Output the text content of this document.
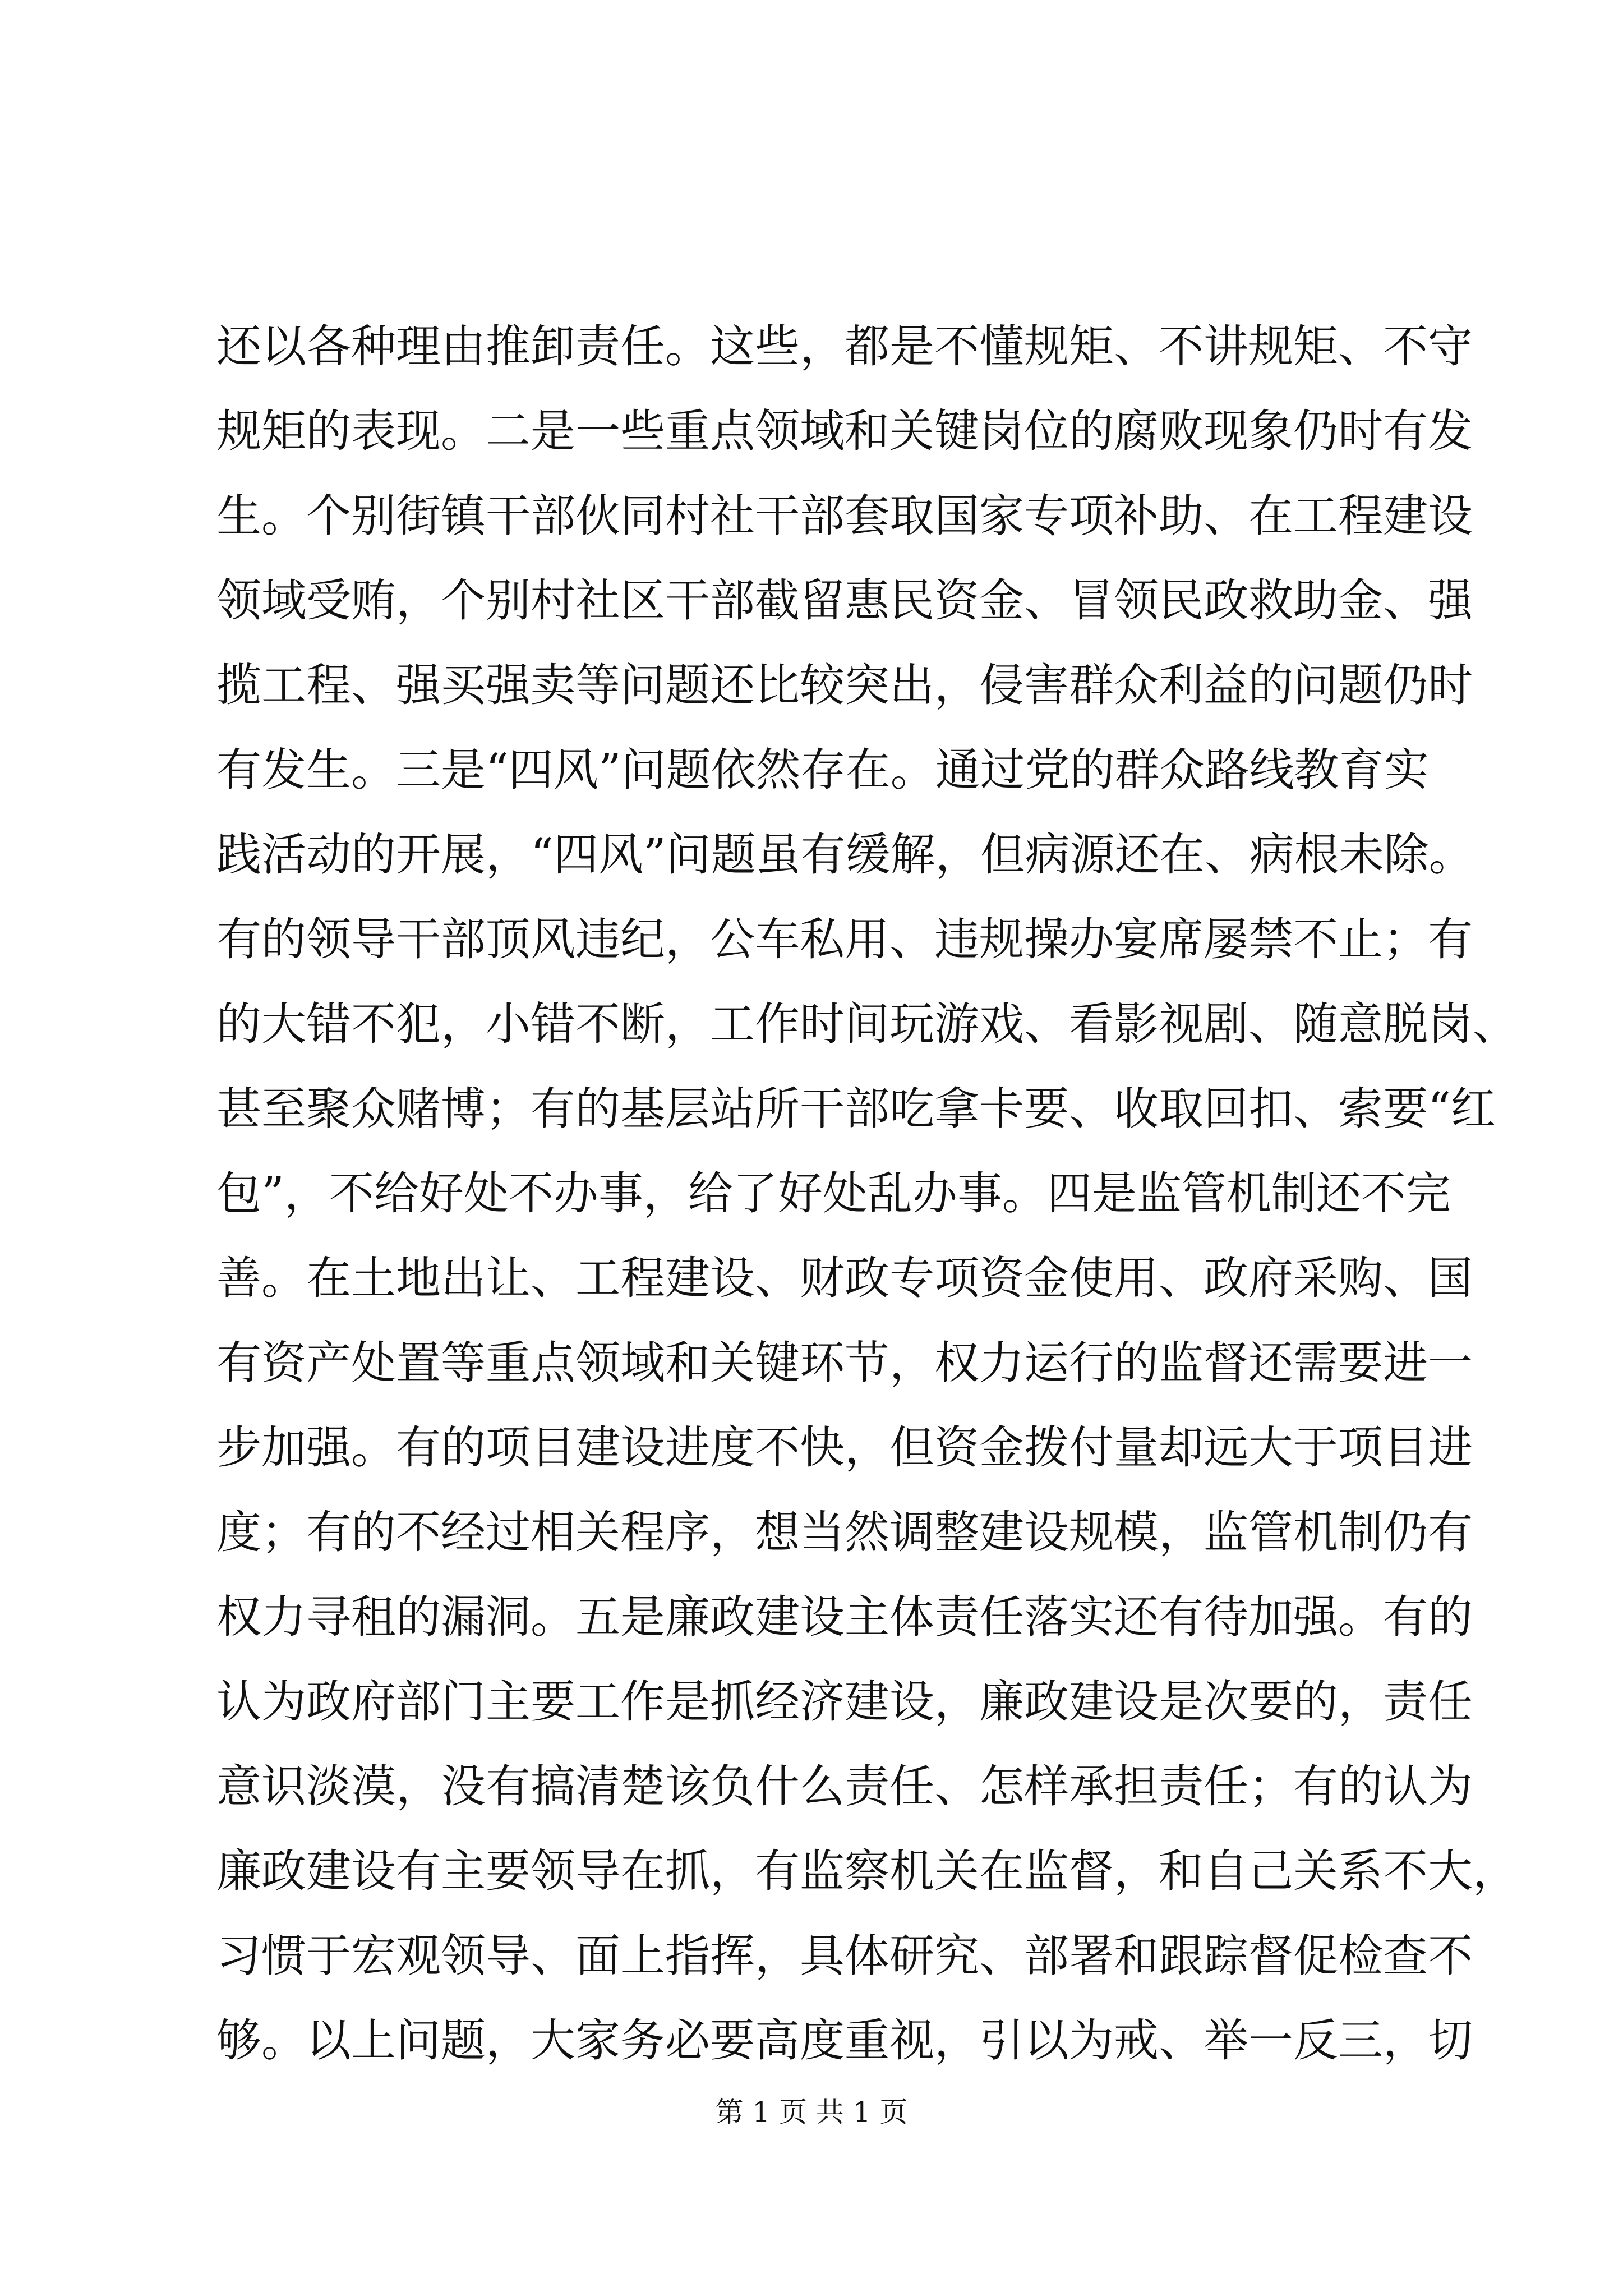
还以各种理由推卸责任。这些，都是不懂规矩、不讲规矩、不守
规矩的表现。二是一些重点领域和关键岗位的腐败现象仍时有发
生。个别街镇干部伙同村社干部套取国家专项补助、在工程建设
领域受贿，个别村社区干部截留惠民资金、冒领民政救助金、强
揽工程、强买强卖等问题还比较突出，侵害群众利益的问题仍时
有发生。三是“四风”问题依然存在。通过党的群众路线教育实
践活动的开展，“四风”问题虽有缓解，但病源还在、病根未除。
有的领导干部顶风违纪，公车私用、违规操办宴席屡禁不止；有
的大错不犯，小错不断，工作时间玩游戏、看影视剧、随意脱岗、
甚至聚众赌博；有的基层站所干部吃拿卡要、收取回扣、索要“红
包”，不给好处不办事，给了好处乱办事。四是监管机制还不完
善。在土地出让、工程建设、财政专项资金使用、政府采购、国
有资产处置等重点领域和关键环节，权力运行的监督还需要进一
步加强。有的项目建设进度不快，但资金拨付量却远大于项目进
度；有的不经过相关程序，想当然调整建设规模，监管机制仍有
权力寻租的漏洞。五是廉政建设主体责任落实还有待加强。有的
认为政府部门主要工作是抓经济建设，廉政建设是次要的，责任
意识淡漠，没有搞清楚该负什么责任、怎样承担责任；有的认为
廉政建设有主要领导在抓，有监察机关在监督，和自己关系不大，
习惯于宏观领导、面上指挥，具体研究、部署和跟踪督促检查不
够。以上问题，大家务必要高度重视，引以为戒、举一反三，切
第 1 页 共 1 页
